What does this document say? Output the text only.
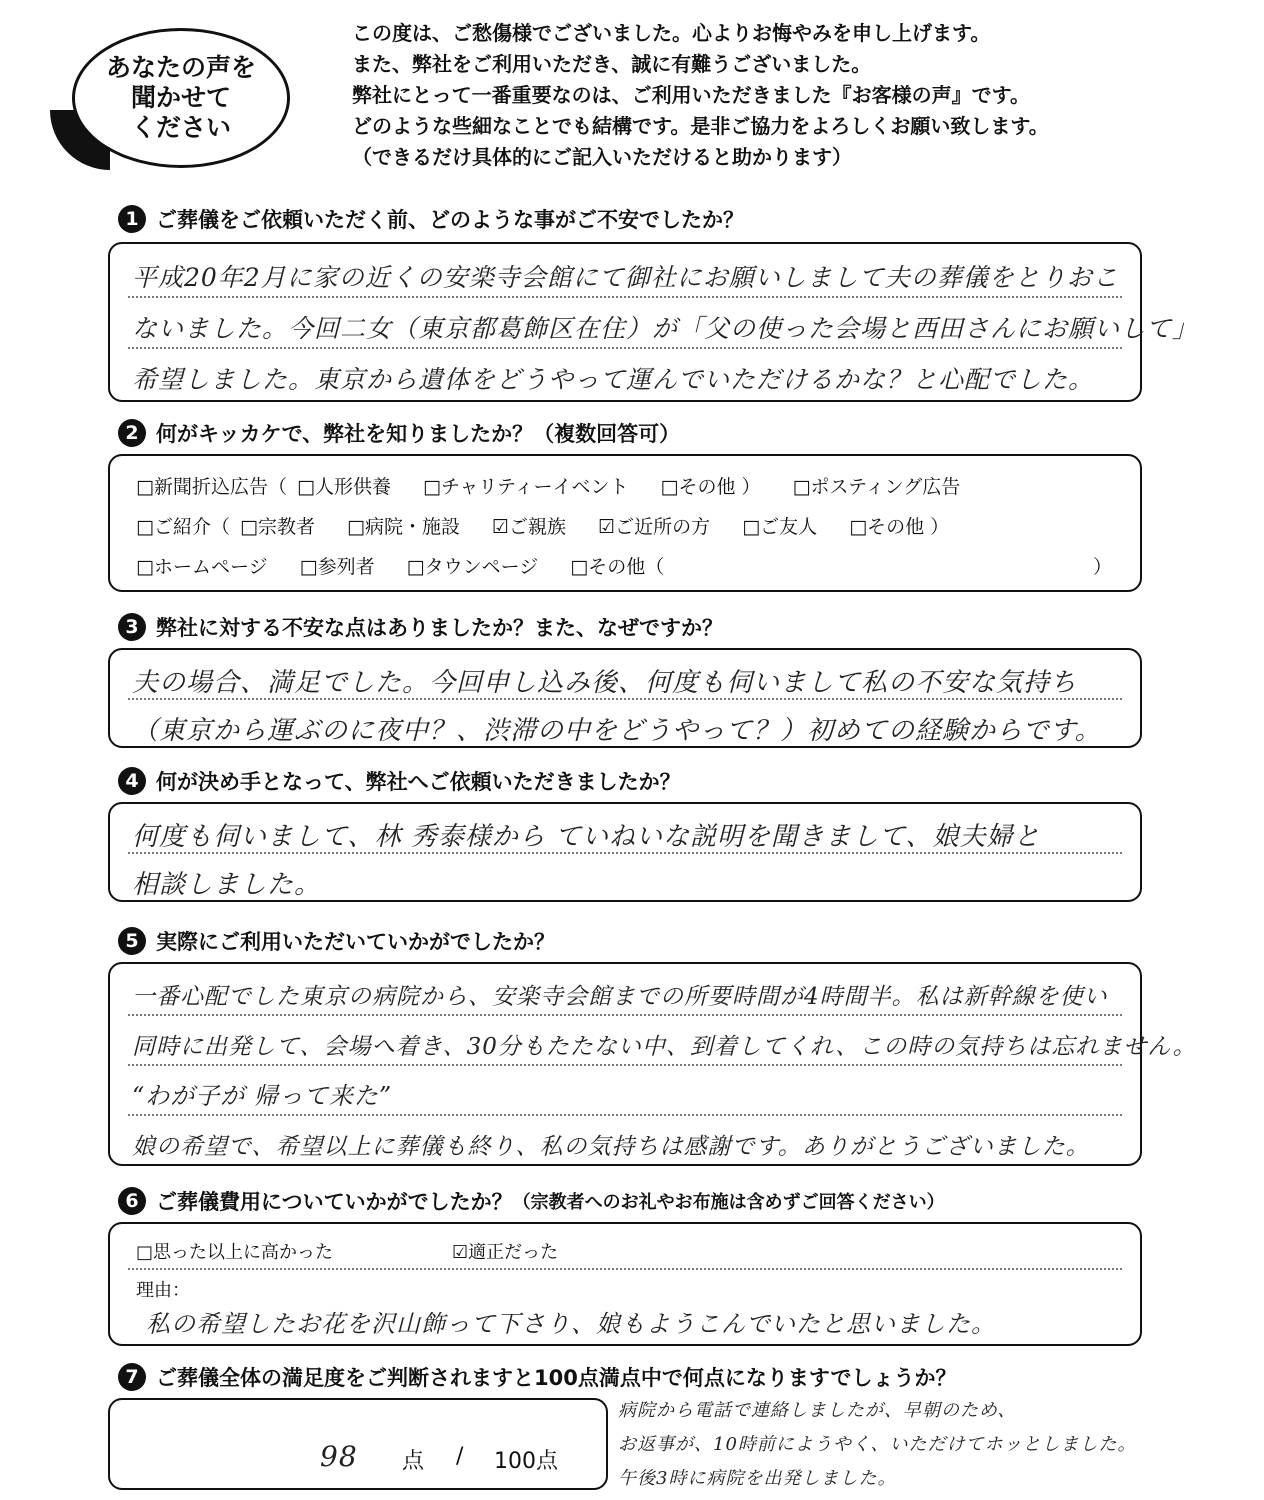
あなたの声を
聞かせて
ください
この度は、ご愁傷様でございました。心よりお悔やみを申し上げます。
また、弊社をご利用いただき、誠に有難うございました。
弊社にとって一番重要なのは、ご利用いただきました『お客様の声』です。
どのような些細なことでも結構です。是非ご協力をよろしくお願い致します。
（できるだけ具体的にご記入いただけると助かります）
1 ご葬儀をご依頼いただく前、どのような事がご不安でしたか？
平成20年2月に家の近くの安楽寺会館にて御社にお願いしまして夫の葬儀をとりおこ
ないました。今回二女（東京都葛飾区在住）が「父の使った会場と西田さんにお願いして」
希望しました。東京から遺体をどうやって運んでいただけるかな？と心配でした。
2 何がキッカケで、弊社を知りましたか？（複数回答可）
□新聞折込広告（ □人形供養 □チャリティーイベント □その他 ） □ポスティング広告
□ご紹介（ □宗教者 □病院・施設 ☑ご親族 ☑ご近所の方 □ご友人 □その他 ）
□ホームページ □参列者 □タウンページ □その他（	）
3 弊社に対する不安な点はありましたか？また、なぜですか？
夫の場合、満足でした。今回申し込み後、何度も伺いまして私の不安な気持ち
（東京から運ぶのに夜中？、渋滞の中をどうやって？）初めての経験からです。
4 何が決め手となって、弊社へご依頼いただきましたか？
何度も伺いまして、林 秀泰様から ていねいな説明を聞きまして、娘夫婦と
相談しました。
5 実際にご利用いただいていかがでしたか？
一番心配でした東京の病院から、安楽寺会館までの所要時間が4時間半。私は新幹線を使い
同時に出発して、会場へ着き、30分もたたない中、到着してくれ、この時の気持ちは忘れません。
“わが子が 帰って来た”
娘の希望で、希望以上に葬儀も終り、私の気持ちは感謝です。ありがとうございました。
6 ご葬儀費用についていかがでしたか？ （宗教者へのお礼やお布施は含めずご回答ください）
□思った以上に高かった	☑適正だった
理由：
私の希望したお花を沢山飾って下さり、娘もようこんでいたと思いました。
7 ご葬儀全体の満足度をご判断されますと100点満点中で何点になりますでしょうか？
98 点 / 100点
病院から電話で連絡しましたが、早朝のため、
お返事が、10時前にようやく、いただけてホッとしました。
午後3時に病院を出発しました。
